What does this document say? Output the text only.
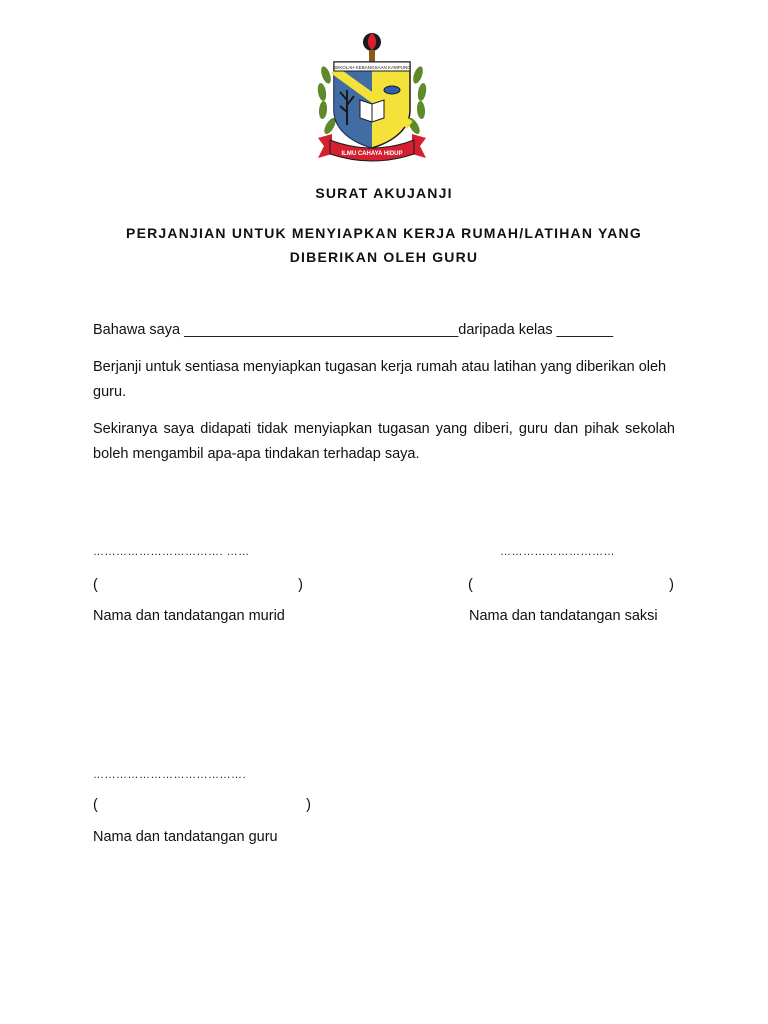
SEKOLAH KEBANGSAAN KAMPUNG
ILMU CAHAYA HIDUP
SURAT AKUJANJI
PERJANJIAN UNTUK MENYIAPKAN KERJA RUMAH/LATIHAN YANG
DIBERIKAN OLEH GURU
Bahawa saya __________________________________daripada kelas _______
Berjanji untuk sentiasa menyiapkan tugasan kerja rumah atau latihan yang diberikan oleh guru.
Sekiranya saya didapati tidak menyiapkan tugasan yang diberi, guru dan pihak sekolah boleh mengambil apa-apa tindakan terhadap saya.
……………………………. ……
(	)
Nama dan tandatangan murid
…………………………
(	)
Nama dan tandatangan saksi
………………………………….
(	)
Nama dan tandatangan guru
